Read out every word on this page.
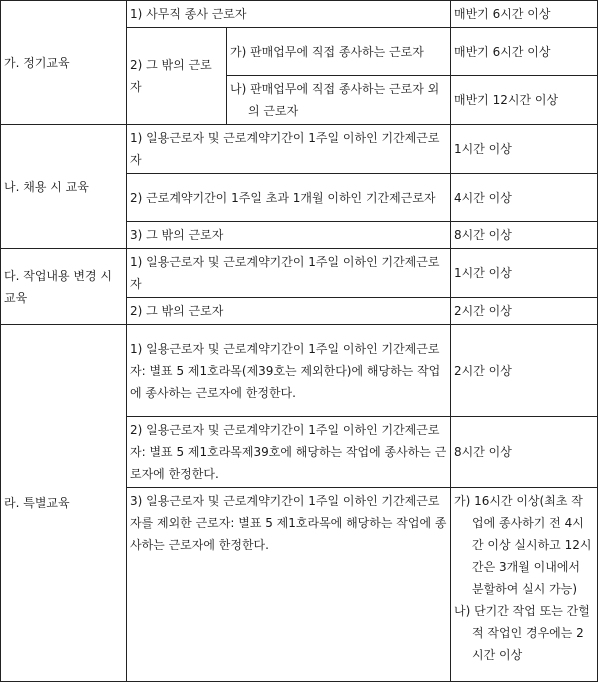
가. 정기교육	1) 사무직 종사 근로자		매반기 6시간 이상
	2) 그 밖의 근로자	가) 판매업무에 직접 종사하는 근로자	매반기 6시간 이상

		나) 판매업무에 직접 종사하는 근로자 외의 근로자	매반기 12시간 이상
나. 채용 시 교육	1) 일용근로자 및 근로계약기간이 1주일 이하인 기간제근로자		1시간 이상
	2) 근로계약기간이 1주일 초과 1개월 이하인 기간제근로자		4시간 이상
	3) 그 밖의 근로자		8시간 이상
다. 작업내용 변경 시 교육	1) 일용근로자 및 근로계약기간이 1주일 이하인 기간제근로자		1시간 이상
	2) 그 밖의 근로자		2시간 이상
라. 특별교육	1) 일용근로자 및 근로계약기간이 1주일 이하인 기간제근로자: 별표 5 제1호라목(제39호는 제외한다)에 해당하는 작업에 종사하는 근로자에 한정한다.		2시간 이상
	2) 일용근로자 및 근로계약기간이 1주일 이하인 기간제근로자: 별표 5 제1호라목제39호에 해당하는 작업에 종사하는 근로자에 한정한다.		8시간 이상
	3) 일용근로자 및 근로계약기간이 1주일 이하인 기간제근로자를 제외한 근로자: 별표 5 제1호라목에 해당하는 작업에 종사하는 근로자에 한정한다.		가) 16시간 이상(최초 작업에 종사하기 전 4시간 이상 실시하고 12시간은 3개월 이내에서 분할하여 실시 가능)
나) 단기간 작업 또는 간헐적 작업인 경우에는 2시간 이상
